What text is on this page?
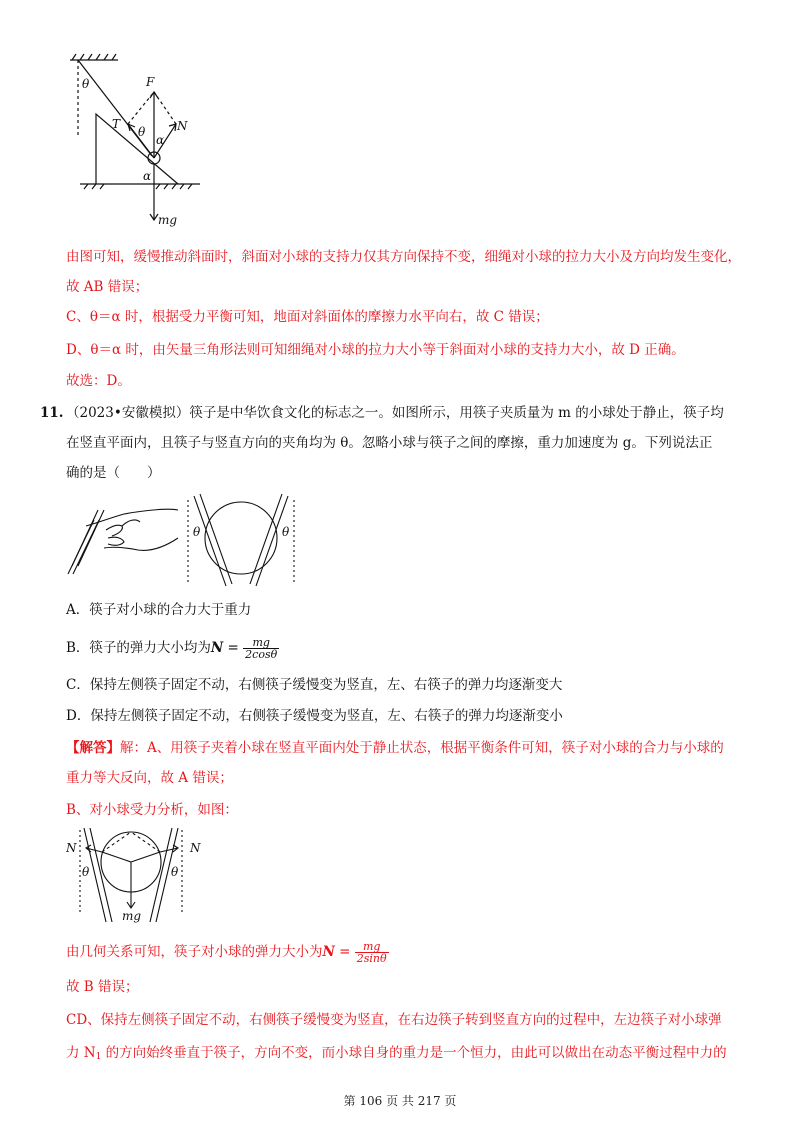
θ	F
T	N
α
θ
α
mg
由图可知，缓慢推动斜面时，斜面对小球的支持力仅其方向保持不变，细绳对小球的拉力大小及方向均发生变化，
故 AB 错误；
C、θ＝α 时，根据受力平衡可知，地面对斜面体的摩擦力水平向右，故 C 错误；
D、θ＝α 时，由矢量三角形法则可知细绳对小球的拉力大小等于斜面对小球的支持力大小，故 D 正确。
故选：D。
11. （2023•安徽模拟）筷子是中华饮食文化的标志之一。如图所示，用筷子夹质量为 m 的小球处于静止，筷子均
在竖直平面内，且筷子与竖直方向的夹角均为 θ。忽略小球与筷子之间的摩擦，重力加速度为 g。下列说法正
确的是（　　）
θ	θ
A．筷子对小球的合力大于重力
B．筷子的弹力大小均为$N = \frac{mg}{2\cos\theta}$
C．保持左侧筷子固定不动，右侧筷子缓慢变为竖直，左、右筷子的弹力均逐渐变大
D．保持左侧筷子固定不动，右侧筷子缓慢变为竖直，左、右筷子的弹力均逐渐变小
【解答】解：A、用筷子夹着小球在竖直平面内处于静止状态，根据平衡条件可知，筷子对小球的合力与小球的
重力等大反向，故 A 错误；
B、对小球受力分析，如图：
N	N
θ	θ
mg
由几何关系可知，筷子对小球的弹力大小为$N = \frac{mg}{2\sin\theta}$
故 B 错误；
CD、保持左侧筷子固定不动，右侧筷子缓慢变为竖直，在右边筷子转到竖直方向的过程中，左边筷子对小球弹
力 $N_1$ 的方向始终垂直于筷子，方向不变，而小球自身的重力是一个恒力，由此可以做出在动态平衡过程中力的
第 106 页 共 217 页
